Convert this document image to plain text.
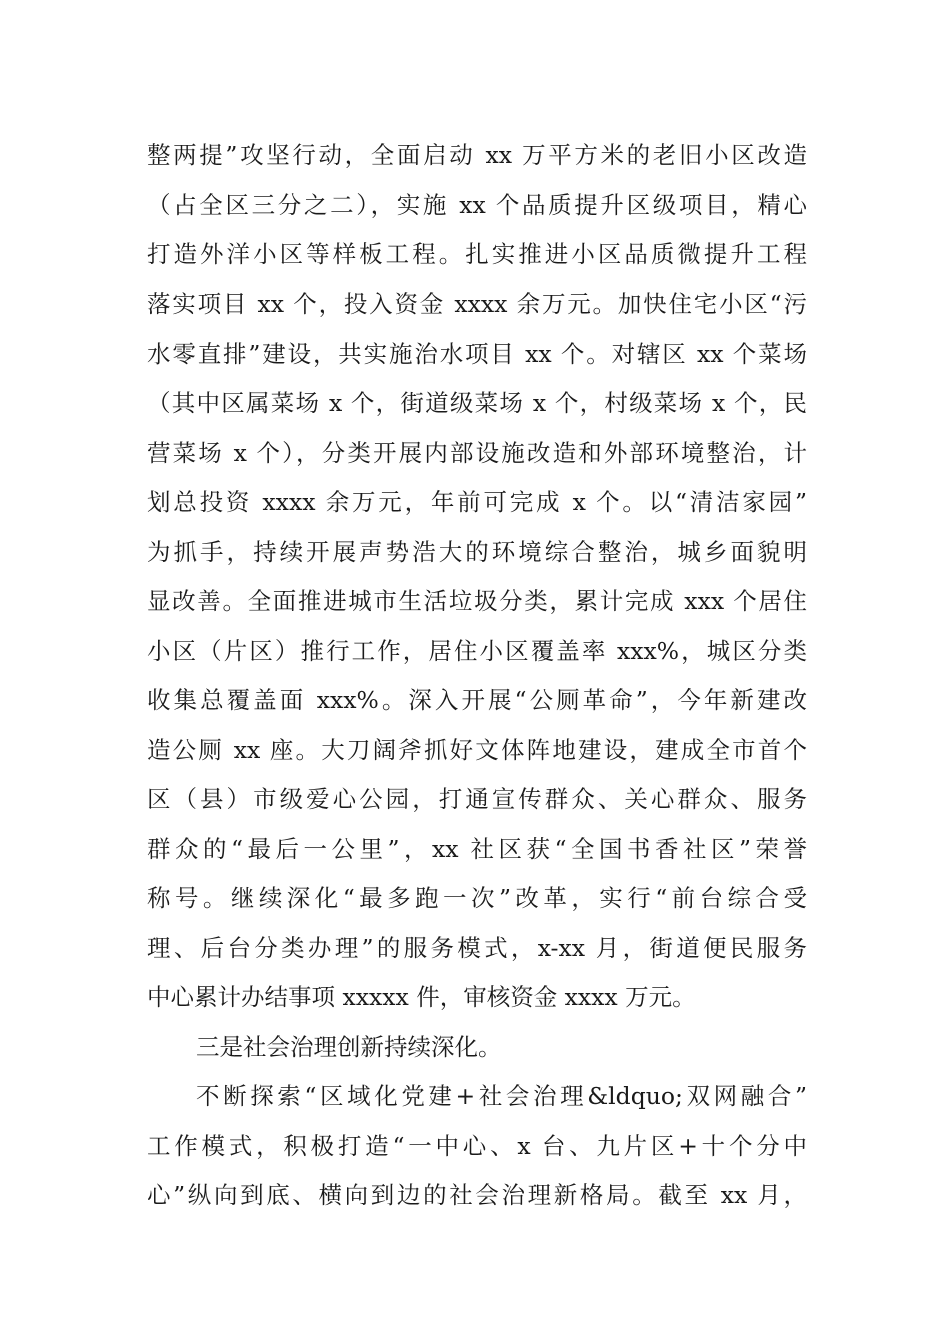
整两提”攻坚行动，全面启动 xx 万平方米的老旧小区改造
（占全区三分之二），实施 xx 个品质提升区级项目，精心
打造外洋小区等样板工程。扎实推进小区品质微提升工程
落实项目 xx 个，投入资金 xxxx 余万元。加快住宅小区“污
水零直排”建设，共实施治水项目 xx 个。对辖区 xx 个菜场
（其中区属菜场 x 个，街道级菜场 x 个，村级菜场 x 个，民
营菜场 x 个），分类开展内部设施改造和外部环境整治，计
划总投资 xxxx 余万元，年前可完成 x 个。以“清洁家园”
为抓手，持续开展声势浩大的环境综合整治，城乡面貌明
显改善。全面推进城市生活垃圾分类，累计完成 xxx 个居住
小区（片区）推行工作，居住小区覆盖率 xxx%，城区分类
收集总覆盖面 xxx%。深入开展“公厕革命”，今年新建改
造公厕 xx 座。大刀阔斧抓好文体阵地建设，建成全市首个
区（县）市级爱心公园，打通宣传群众、关心群众、服务
群众的“最后一公里”，xx 社区获“全国书香社区”荣誉
称号。继续深化“最多跑一次”改革，实行“前台综合受
理、后台分类办理”的服务模式，x-xx 月，街道便民服务
中心累计办结事项 xxxxx 件，审核资金 xxxx 万元。
三是社会治理创新持续深化。
不断探索“区域化党建+社会治理&ldquo;双网融合”
工作模式，积极打造“一中心、x 台、九片区+十个分中
心”纵向到底、横向到边的社会治理新格局。截至 xx 月，
